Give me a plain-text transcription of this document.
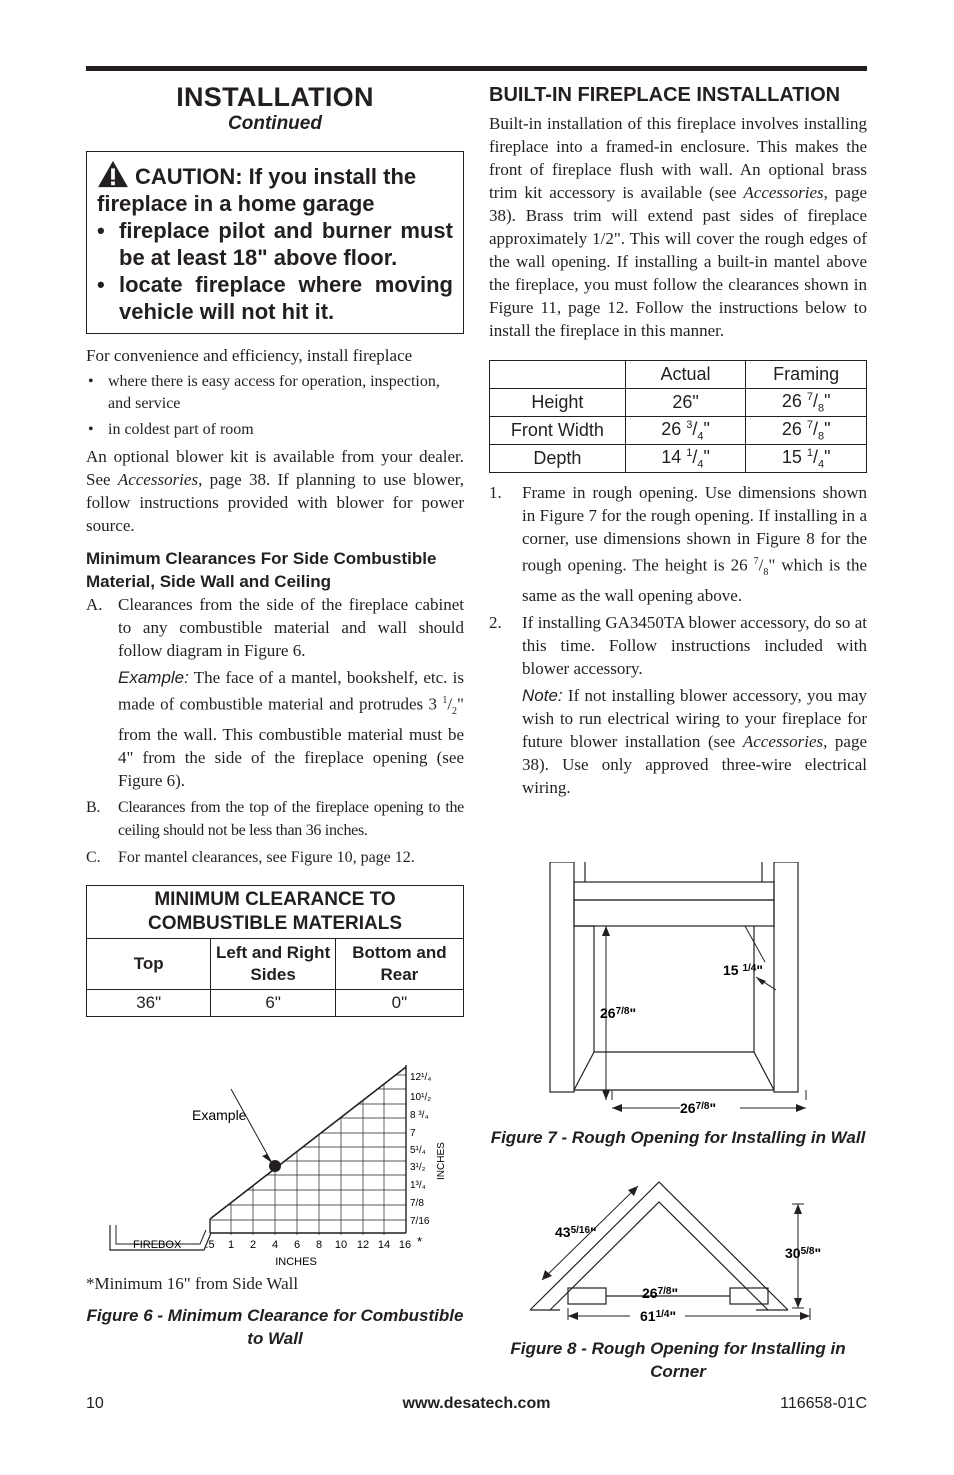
INSTALLATION
Continued
CAUTION: If you install the fireplace in a home garage
• fireplace pilot and burner must be at least 18" above floor.
• locate fireplace where moving vehicle will not hit it.

For convenience and efficiency, install fireplace

• where there is easy access for operation, inspection, and service
• in coldest part of room

An optional blower kit is available from your dealer. See Accessories, page 38. If planning to use blower, follow instructions provided with blower for power source.

Minimum Clearances For Side Combustible Material, Side Wall and Ceiling
A. Clearances from the side of the fireplace cabinet to any combustible material and wall should follow diagram in Figure 6.
Example: The face of a mantel, bookshelf, etc. is made of combustible material and protrudes 3 $^1/_2$" from the wall. This combustible material must be 4" from the side of the fireplace opening (see Figure 6).
B. Clearances from the top of the fireplace opening to the ceiling should not be less than 36 inches.
C. For mantel clearances, see Figure 10, page 12.
MINIMUM CLEARANCE TO COMBUSTIBLE MATERIALS		
Top	Left and Right Sides	Bottom and Rear
36"	6"	0"
Example
FIREBOX .5 1 2 4 6 8 10 12 14 16 *
INCHES
12¹/₄
10¹/₂
8 ³/₄
7
5¹/₄
3¹/₂
1³/₄
7/8
7/16
INCHES
*Minimum 16" from Side Wall
Figure 6 - Minimum Clearance for Combustible to Wall
BUILT-IN FIREPLACE INSTALLATION

Built-in installation of this fireplace involves installing fireplace into a framed-in enclosure. This makes the front of fireplace flush with wall. An optional brass trim kit accessory is available (see Accessories, page 38). Brass trim will extend past sides of fireplace approximately 1/2". This will cover the rough edges of the wall opening. If installing a built-in mantel above the fireplace, you must follow the clearances shown in Figure 11, page 12. Follow the instructions below to install the fireplace in this manner.

	Actual	Framing
Height	26"	26 $^7/_8$"
Front Width	26 $^3/_4$"	26 $^7/_8$"
Depth	14 $^1/_4$"	15 $^1/_4$"
1. Frame in rough opening. Use dimensions shown in Figure 7 for the rough opening. If installing in a corner, use dimensions shown in Figure 8 for the rough opening. The height is 26 $^7/_8$" which is the same as the wall opening above.
2. If installing GA3450TA blower accessory, do so at this time. Follow instructions included with blower accessory.
Note: If not installing blower accessory, you may wish to run electrical wiring to your fireplace for future blower installation (see Accessories, page 38). Use only approved three-wire electrical wiring.
15 $^{1/4}$"
$26^{7/8}$"
$26^{7/8}$"
Figure 7 - Rough Opening for Installing in Wall
$43^{5/16}$"
$30^{5/8}$"
$26^{7/8}$"
$61^{1/4}$"
Figure 8 - Rough Opening for Installing in Corner
10	www.desatech.com	116658-01C
